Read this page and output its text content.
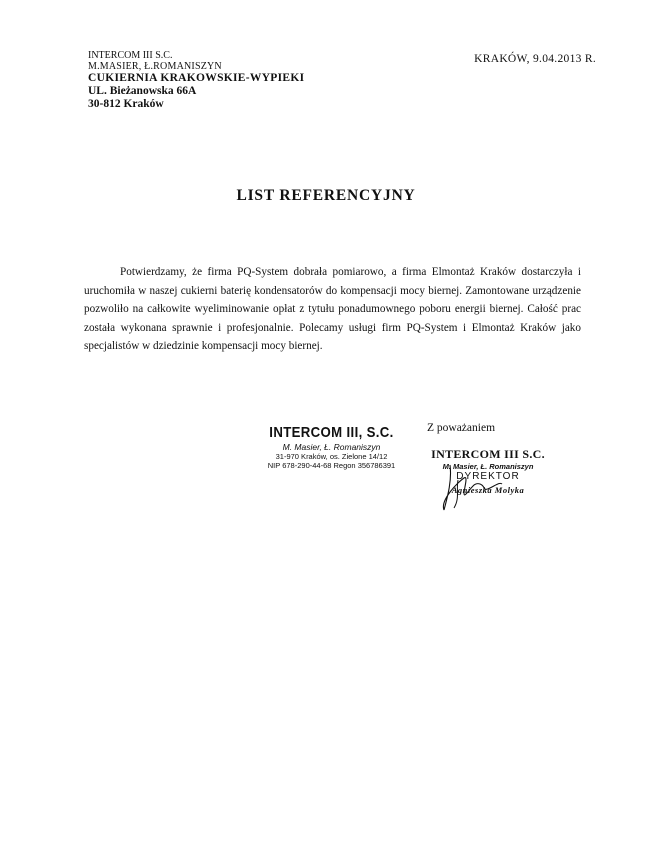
INTERCOM III S.C.
M.MASIER, Ł.ROMANISZYN
CUKIERNIA KRAKOWSKIE-WYPIEKI
UL. Bieżanowska 66A
30-812 Kraków
KRAKÓW, 9.04.2013 R.
LIST REFERENCYJNY

Potwierdzamy, że firma PQ-System dobrała pomiarowo, a firma Elmontaż Kraków dostarczyła i uruchomiła w naszej cukierni baterię kondensatorów do kompensacji mocy biernej. Zamontowane urządzenie pozwoliło na całkowite wyeliminowanie opłat z tytułu ponadumownego poboru energii biernej. Całość prac została wykonana sprawnie i profesjonalnie. Polecamy usługi firm PQ-System i Elmontaż Kraków jako specjalistów w dziedzinie kompensacji mocy biernej.

INTERCOM III, S.C.
M. Masier, Ł. Romaniszyn
31-970 Kraków, os. Zielone 14/12
NIP 678-290-44-68 Regon 356786391
Z poważaniem
INTERCOM III S.C.
M. Masier, Ł. Romaniszyn
DYREKTOR
Agnieszka Molyka
